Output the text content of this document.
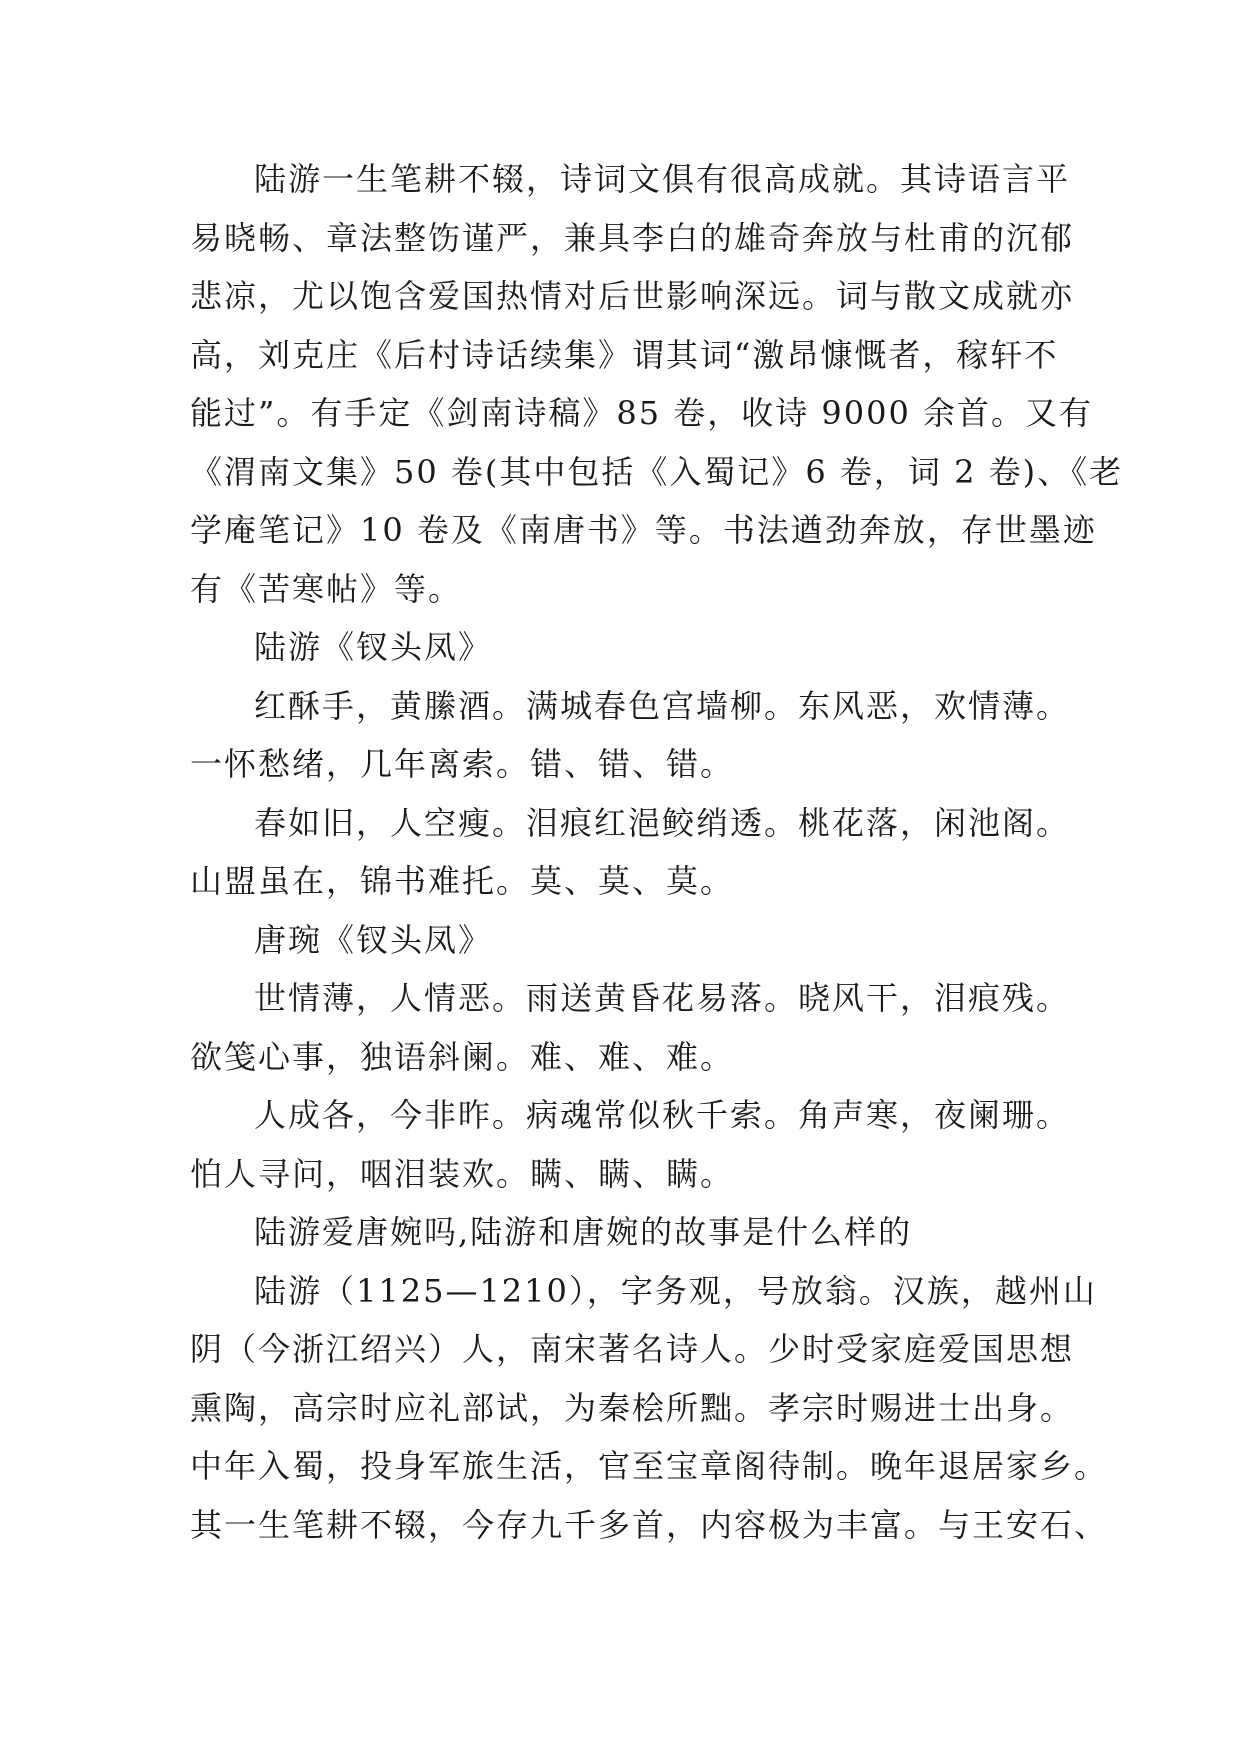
陆游一生笔耕不辍，诗词文俱有很高成就。其诗语言平
易晓畅、章法整饬谨严，兼具李白的雄奇奔放与杜甫的沉郁
悲凉，尤以饱含爱国热情对后世影响深远。词与散文成就亦
高，刘克庄《后村诗话续集》谓其词“激昂慷慨者，稼轩不
能过”。有手定《剑南诗稿》85 卷，收诗 9000 余首。又有
《渭南文集》50 卷(其中包括《入蜀记》6 卷，词 2 卷)、《老
学庵笔记》10 卷及《南唐书》等。书法遒劲奔放，存世墨迹
有《苦寒帖》等。
陆游《钗头凤》
红酥手，黄縢酒。满城春色宫墙柳。东风恶，欢情薄。
一怀愁绪，几年离索。错、错、错。
春如旧，人空瘦。泪痕红浥鲛绡透。桃花落，闲池阁。
山盟虽在，锦书难托。莫、莫、莫。
唐琬《钗头凤》
世情薄，人情恶。雨送黄昏花易落。晓风干，泪痕残。
欲笺心事，独语斜阑。难、难、难。
人成各，今非昨。病魂常似秋千索。角声寒，夜阑珊。
怕人寻问，咽泪装欢。瞒、瞒、瞒。
陆游爱唐婉吗,陆游和唐婉的故事是什么样的
陆游（1125—1210），字务观，号放翁。汉族，越州山
阴（今浙江绍兴）人，南宋著名诗人。少时受家庭爱国思想
熏陶，高宗时应礼部试，为秦桧所黜。孝宗时赐进士出身。
中年入蜀，投身军旅生活，官至宝章阁待制。晚年退居家乡。
其一生笔耕不辍，今存九千多首，内容极为丰富。与王安石、
